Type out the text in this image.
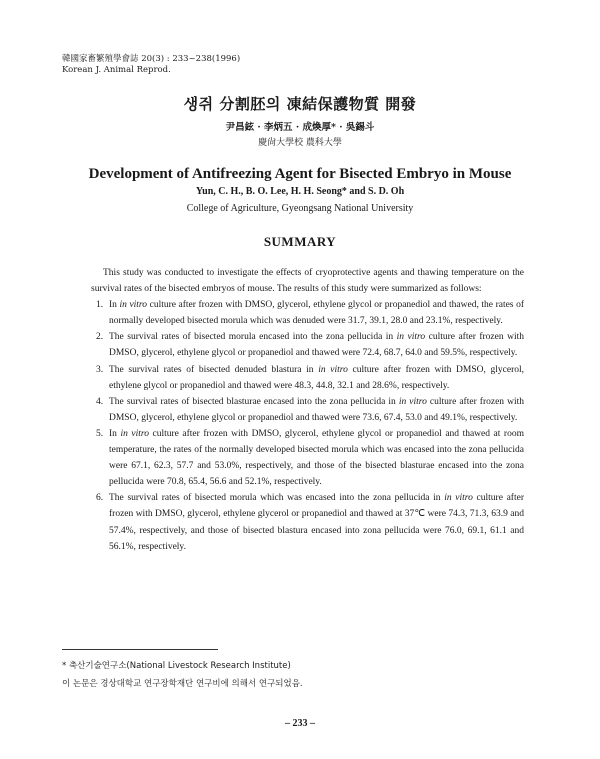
韓國家畜繁殖學會誌 20(3) : 233~238(1996)
Korean J. Animal Reprod.
생쥐 分割胚의 凍結保護物質 開發
尹昌鉉 · 李炳五 · 成煥厚* · 吳錫斗
慶尙大學校 農科大學
Development of Antifreezing Agent for Bisected Embryo in Mouse
Yun, C. H., B. O. Lee, H. H. Seong* and S. D. Oh
College of Agriculture, Gyeongsang National University
SUMMARY

This study was conducted to investigate the effects of cryoprotective agents and thawing temperature on the survival rates of the bisected embryos of mouse. The results of this study were summarized as follows:

1. In in vitro culture after frozen with DMSO, glycerol, ethylene glycol or propanediol and thawed, the rates of normally developed bisected morula which was denuded were 31.7, 39.1, 28.0 and 23.1%, respectively.
2. The survival rates of bisected morula encased into the zona pellucida in in vitro culture after frozen with DMSO, glycerol, ethylene glycol or propanediol and thawed were 72.4, 68.7, 64.0 and 59.5%, respectively.
3. The survival rates of bisected denuded blastura in in vitro culture after frozen with DMSO, glycerol, ethylene glycol or propanediol and thawed were 48.3, 44.8, 32.1 and 28.6%, respectively.
4. The survival rates of bisected blasturae encased into the zona pellucida in in vitro culture after frozen with DMSO, glycerol, ethylene glycol or propanediol and thawed were 73.6, 67.4, 53.0 and 49.1%, respectively.
5. In in vitro culture after frozen with DMSO, glycerol, ethylene glycol or propanediol and thawed at room temperature, the rates of the normally developed bisected morula which was encased into the zona pellucida were 67.1, 62.3, 57.7 and 53.0%, respectively, and those of the bisected blasturae encased into the zona pellucida were 70.8, 65.4, 56.6 and 52.1%, respectively.
6. The survival rates of bisected morula which was encased into the zona pellucida in in vitro culture after frozen with DMSO, glycerol, ethylene glycerol or propanediol and thawed at 37℃ were 74.3, 71.3, 63.9 and 57.4%, respectively, and those of bisected blastura encased into zona pellucida were 76.0, 69.1, 61.1 and 56.1%, respectively.
* 축산기술연구소(National Livestock Research Institute)
이 논문은 경상대학교 연구장학재단 연구비에 의해서 연구되었음.
– 233 –
